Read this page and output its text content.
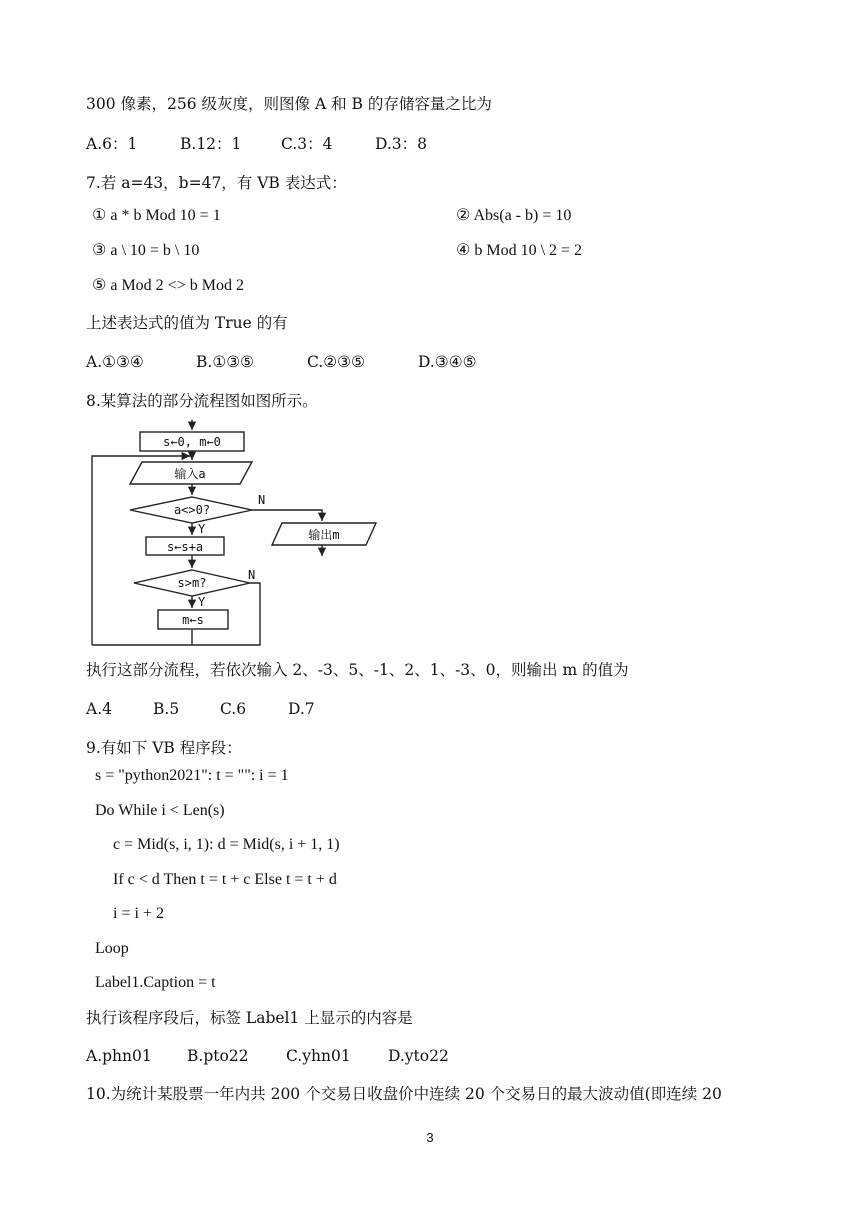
300 像素，256 级灰度，则图像 A 和 B 的存储容量之比为
A.6：1	B.12：1	C.3：4	D.3：8
7.若 a=43，b=47，有 VB 表达式：
① a * b Mod 10 = 1	② Abs(a - b) = 10
③ a \ 10 = b \ 10	④ b Mod 10 \ 2 = 2
⑤ a Mod 2 <> b Mod 2
上述表达式的值为 True 的有
A.①③④	B.①③⑤	C.②③⑤	D.③④⑤
8.某算法的部分流程图如图所示。
s←0, m←0
输入a
a<>0?
N
Y	输出m
s←s+a
s>m?
N
Y
m←s
执行这部分流程，若依次输入 2、-3、5、-1、2、1、-3、0，则输出 m 的值为
A.4	B.5	C.6	D.7
9.有如下 VB 程序段：
s = "python2021": t = "": i = 1
Do While i < Len(s)
c = Mid(s, i, 1): d = Mid(s, i + 1, 1)
If c < d Then t = t + c Else t = t + d
i = i + 2
Loop
Label1.Caption = t
执行该程序段后，标签 Label1 上显示的内容是
A.phn01 B.pto22 C.yhn01 D.yto22
10.为统计某股票一年内共 200 个交易日收盘价中连续 20 个交易日的最大波动值(即连续 20
3
